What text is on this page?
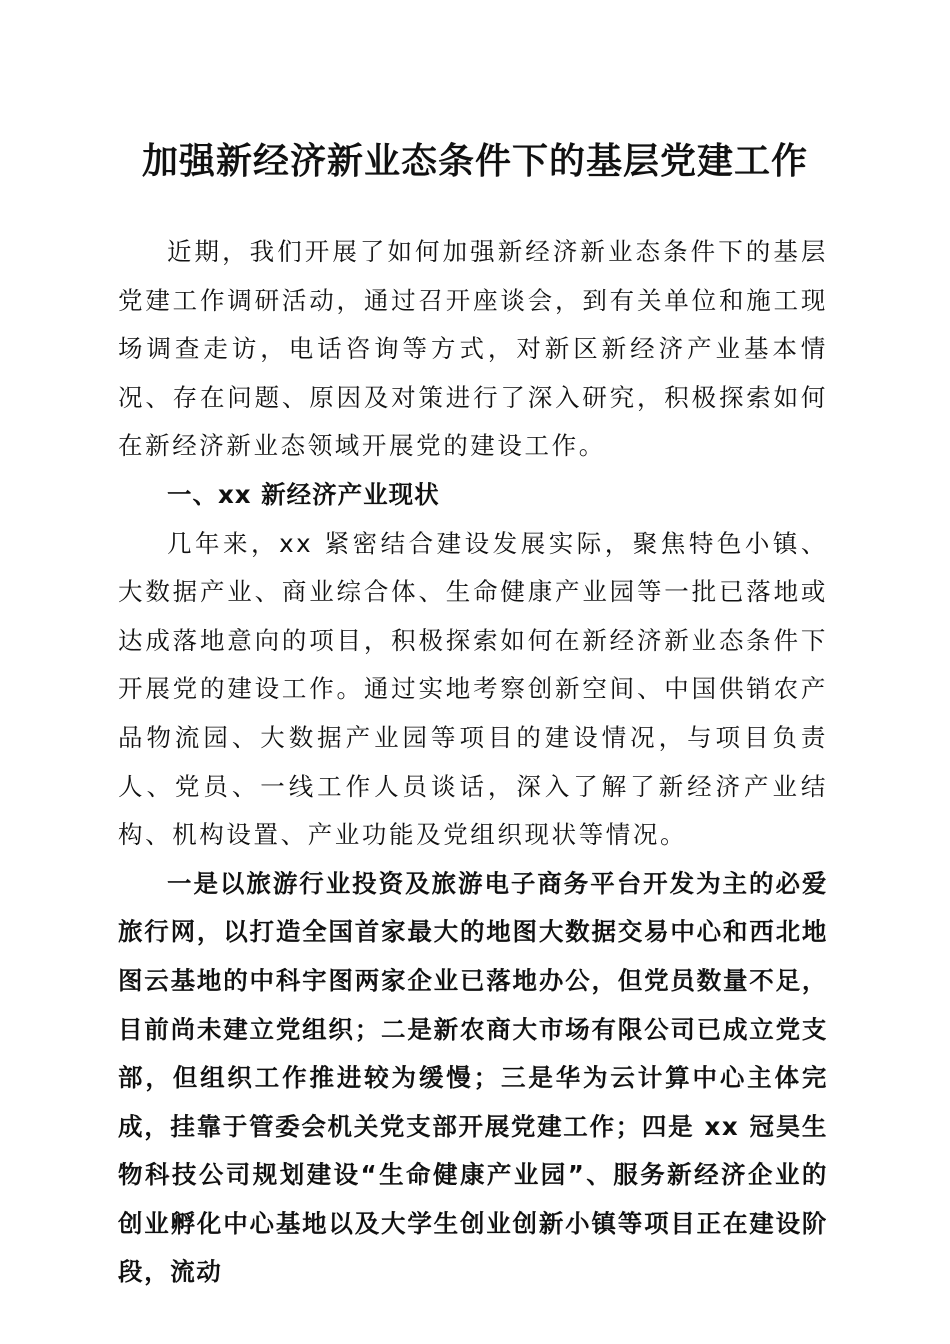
加强新经济新业态条件下的基层党建工作

近期，我们开展了如何加强新经济新业态条件下的基层党建工作调研活动，通过召开座谈会，到有关单位和施工现场调查走访，电话咨询等方式，对新区新经济产业基本情况、存在问题、原因及对策进行了深入研究，积极探索如何在新经济新业态领域开展党的建设工作。

一、xx 新经济产业现状

几年来，xx 紧密结合建设发展实际，聚焦特色小镇、大数据产业、商业综合体、生命健康产业园等一批已落地或达成落地意向的项目，积极探索如何在新经济新业态条件下开展党的建设工作。通过实地考察创新空间、中国供销农产品物流园、大数据产业园等项目的建设情况，与项目负责人、党员、一线工作人员谈话，深入了解了新经济产业结构、机构设置、产业功能及党组织现状等情况。

一是以旅游行业投资及旅游电子商务平台开发为主的必爱旅行网，以打造全国首家最大的地图大数据交易中心和西北地图云基地的中科宇图两家企业已落地办公，但党员数量不足，目前尚未建立党组织；二是新农商大市场有限公司已成立党支部，但组织工作推进较为缓慢；三是华为云计算中心主体完成，挂靠于管委会机关党支部开展党建工作；四是 xx 冠昊生物科技公司规划建设“生命健康产业园”、服务新经济企业的创业孵化中心基地以及大学生创业创新小镇等项目正在建设阶段，流动
